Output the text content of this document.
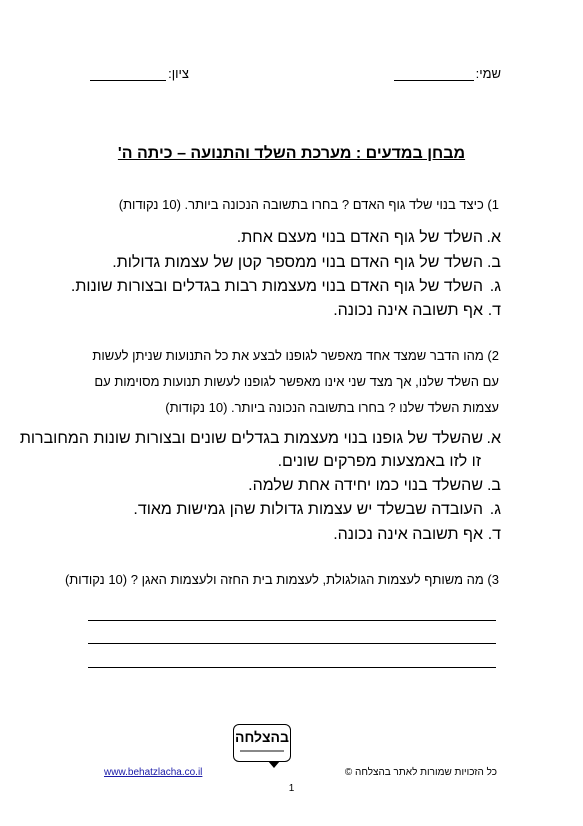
שמי:
ציון:
מבחן במדעים : מערכת השלד והתנועה – כיתה ה'

1) כיצד בנוי שלד גוף האדם ? בחרו בתשובה הנכונה ביותר. (10 נקודות)

א.השלד של גוף האדם בנוי מעצם אחת.
ב.השלד של גוף האדם בנוי ממספר קטן של עצמות גדולות.
ג.השלד של גוף האדם בנוי מעצמות רבות בגדלים ובצורות שונות.
ד.אף תשובה אינה נכונה.

2) מהו הדבר שמצד אחד מאפשר לגופנו לבצע את כל התנועות שניתן לעשות

עם השלד שלנו, אך מצד שני אינו מאפשר לגופנו לעשות תנועות מסוימות עם

עצמות השלד שלנו ? בחרו בתשובה הנכונה ביותר. (10 נקודות)

א.שהשלד של גופנו בנוי מעצמות בגדלים שונים ובצורות שונות המחוברות
זו לזו באמצעות מפרקים שונים.
ב.שהשלד בנוי כמו יחידה אחת שלמה.
ג.העובדה שבשלד יש עצמות גדולות שהן גמישות מאוד.
ד.אף תשובה אינה נכונה.

3) מה משותף לעצמות הגולגולת, לעצמות בית החזה ולעצמות האגן ? (10 נקודות)

בהצלחה
כל הזכויות שמורות לאתר בהצלחה ©
www.behatzlacha.co.il
1
